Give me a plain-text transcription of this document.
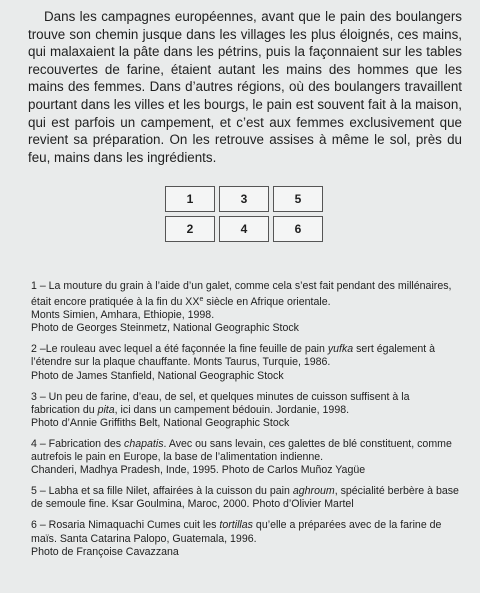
Dans les campagnes européennes, avant que le pain des boulangers trouve son chemin jusque dans les villages les plus éloignés, ces mains, qui malaxaient la pâte dans les pétrins, puis la façonnaient sur les tables recouvertes de farine, étaient autant les mains des hommes que les mains des femmes. Dans d’autres régions, où des boulangers travaillent pourtant dans les villes et les bourgs, le pain est souvent fait à la maison, qui est parfois un campement, et c’est aux femmes exclusivement que revient sa préparation. On les retrouve assises à même le sol, près du feu, mains dans les ingrédients.

1	3	5
2	4	6

1 – La mouture du grain à l’aide d’un galet, comme cela s’est fait pendant des millénaires, était encore pratiquée à la fin du XXe siècle en Afrique orientale.

Monts Simien, Amhara, Ethiopie, 1998.

Photo de Georges Steinmetz, National Geographic Stock

2 –Le rouleau avec lequel a été façonnée la fine feuille de pain yufka sert également à l’étendre sur la plaque chauffante. Monts Taurus, Turquie, 1986.

Photo de James Stanfield, National Geographic Stock

3 – Un peu de farine, d’eau, de sel, et quelques minutes de cuisson suffisent à la fabrication du pita, ici dans un campement bédouin. Jordanie, 1998.

Photo d’Annie Griffiths Belt, National Geographic Stock

4 – Fabrication des chapatis. Avec ou sans levain, ces galettes de blé constituent, comme autrefois le pain en Europe, la base de l’alimentation indienne.

Chanderi, Madhya Pradesh, Inde, 1995. Photo de Carlos Muñoz Yagüe

5 – Labha et sa fille Nilet, affairées à la cuisson du pain aghroum, spécialité berbère à base de semoule fine. Ksar Goulmina, Maroc, 2000. Photo d’Olivier Martel

6 – Rosaria Nimaquachi Cumes cuit les tortillas qu’elle a préparées avec de la farine de maïs. Santa Catarina Palopo, Guatemala, 1996.

Photo de Françoise Cavazzana
